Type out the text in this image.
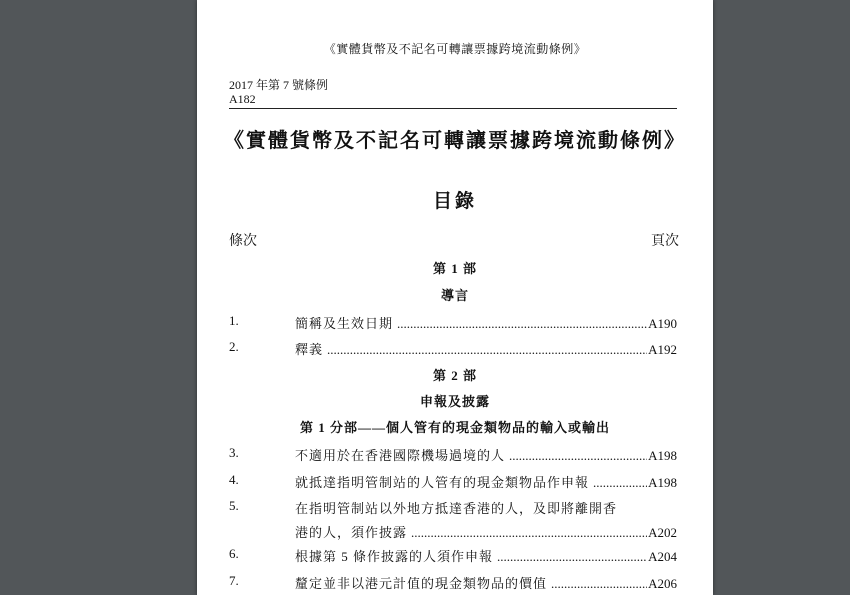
《實體貨幣及不記名可轉讓票據跨境流動條例》
2017 年第 7 號條例
A182
《實體貨幣及不記名可轉讓票據跨境流動條例》
目錄
條次	頁次
第 1 部
導言
1.	簡稱及生效日期 .....	A190
2.	釋義 .....	A192
第 2 部
申報及披露
第 1 分部——個人管有的現金類物品的輸入或輸出
3.	不適用於在香港國際機場過境的人 .....	A198
4.	就抵達指明管制站的人管有的現金類物品作申報 .....	A198
5.	在指明管制站以外地方抵達香港的人，及即將離開香
港的人，須作披露 .....	A202
6.	根據第 5 條作披露的人須作申報 .....	A204
7.	釐定並非以港元計值的現金類物品的價值 .....	A206
